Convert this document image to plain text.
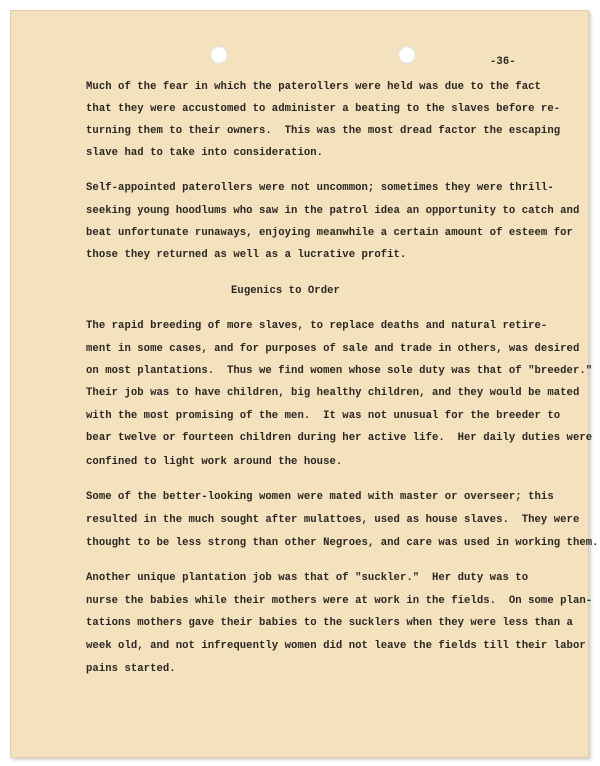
-36-
Much of the fear in which the paterollers were held was due to the fact
that they were accustomed to administer a beating to the slaves before re-
turning them to their owners.  This was the most dread factor the escaping
slave had to take into consideration.
Self-appointed paterollers were not uncommon; sometimes they were thrill-
seeking young hoodlums who saw in the patrol idea an opportunity to catch and
beat unfortunate runaways, enjoying meanwhile a certain amount of esteem for
those they returned as well as a lucrative profit.
Eugenics to Order
The rapid breeding of more slaves, to replace deaths and natural retire-
ment in some cases, and for purposes of sale and trade in others, was desired
on most plantations.  Thus we find women whose sole duty was that of "breeder."
Their job was to have children, big healthy children, and they would be mated
with the most promising of the men.  It was not unusual for the breeder to
bear twelve or fourteen children during her active life.  Her daily duties were
confined to light work around the house.
Some of the better-looking women were mated with master or overseer; this
resulted in the much sought after mulattoes, used as house slaves.  They were
thought to be less strong than other Negroes, and care was used in working them.
Another unique plantation job was that of "suckler."  Her duty was to
nurse the babies while their mothers were at work in the fields.  On some plan-
tations mothers gave their babies to the sucklers when they were less than a
week old, and not infrequently women did not leave the fields till their labor
pains started.
